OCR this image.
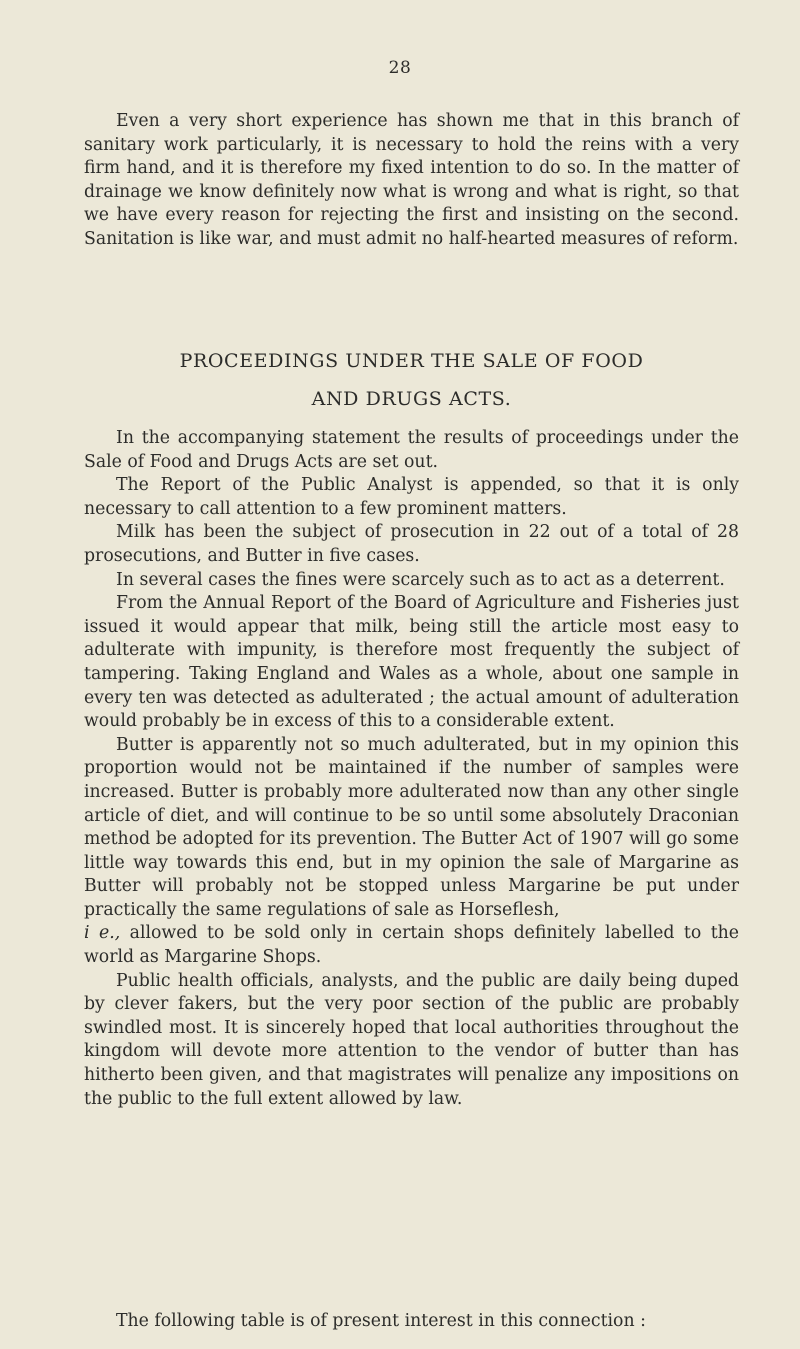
28

Even a very short experience has shown me that in this branch of sanitary work particularly, it is necessary to hold the reins with a very firm hand, and it is therefore my fixed intention to do so. In the matter of drainage we know definitely now what is wrong and what is right, so that we have every reason for rejecting the first and insisting on the second. Sanitation is like war, and must admit no half-hearted measures of reform.

PROCEEDINGS UNDER THE SALE OF FOOD
AND DRUGS ACTS.

In the accompanying statement the results of proceedings under the Sale of Food and Drugs Acts are set out.

The Report of the Public Analyst is appended, so that it is only necessary to call attention to a few prominent matters.

Milk has been the subject of prosecution in 22 out of a total of 28 prosecutions, and Butter in five cases.

In several cases the fines were scarcely such as to act as a deterrent.

From the Annual Report of the Board of Agriculture and Fisheries just issued it would appear that milk, being still the article most easy to adulterate with impunity, is therefore most frequently the subject of tampering. Taking England and Wales as a whole, about one sample in every ten was detected as adulterated ; the actual amount of adulteration would probably be in excess of this to a considerable extent.

Butter is apparently not so much adulterated, but in my opinion this proportion would not be maintained if the number of samples were increased. Butter is probably more adulterated now than any other single article of diet, and will continue to be so until some absolutely Draconian method be adopted for its prevention. The Butter Act of 1907 will go some little way towards this end, but in my opinion the sale of Margarine as Butter will probably not be stopped unless Margarine be put under practically the same regulations of sale as Horseflesh,
i e., allowed to be sold only in certain shops definitely labelled to the world as Margarine Shops.

Public health officials, analysts, and the public are daily being duped by clever fakers, but the very poor section of the public are probably swindled most. It is sincerely hoped that local authorities throughout the kingdom will devote more attention to the vendor of butter than has hitherto been given, and that magistrates will penalize any impositions on the public to the full extent allowed by law.

The following table is of present interest in this connection :
